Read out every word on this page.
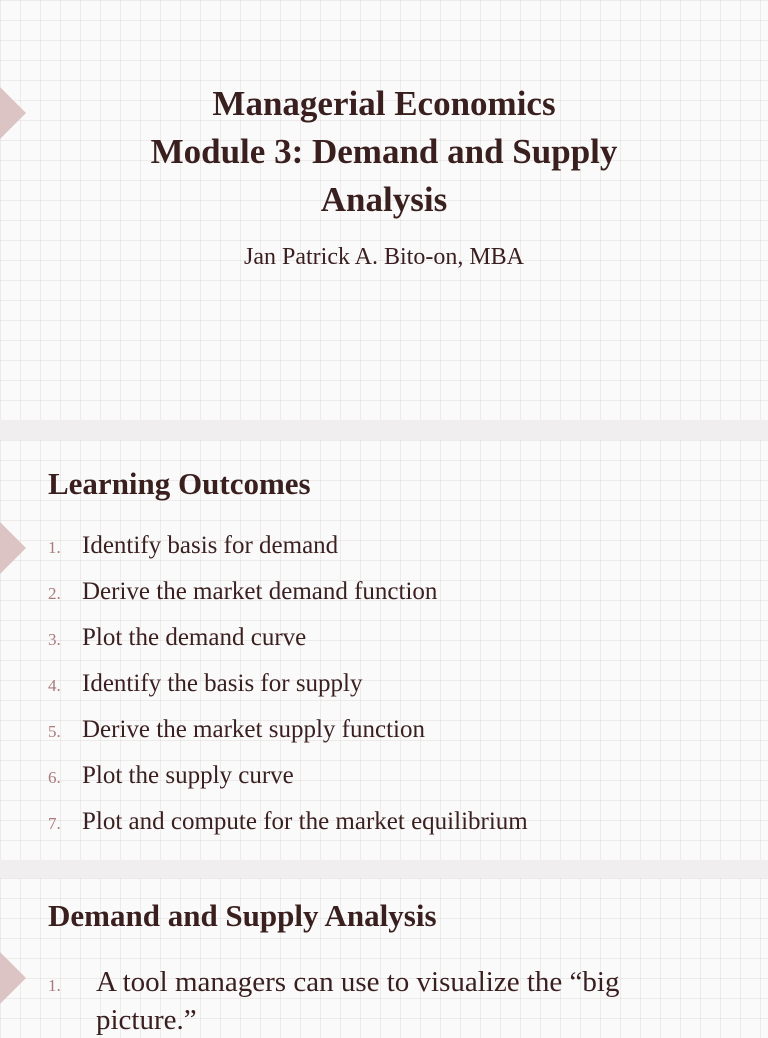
Managerial Economics
Module 3: Demand and Supply
Analysis
Jan Patrick A. Bito-on, MBA
Learning Outcomes
1. Identify basis for demand
2. Derive the market demand function
3. Plot the demand curve
4. Identify the basis for supply
5. Derive the market supply function
6. Plot the supply curve
7. Plot and compute for the market equilibrium
Demand and Supply Analysis
1. A tool managers can use to visualize the “big
picture.”
